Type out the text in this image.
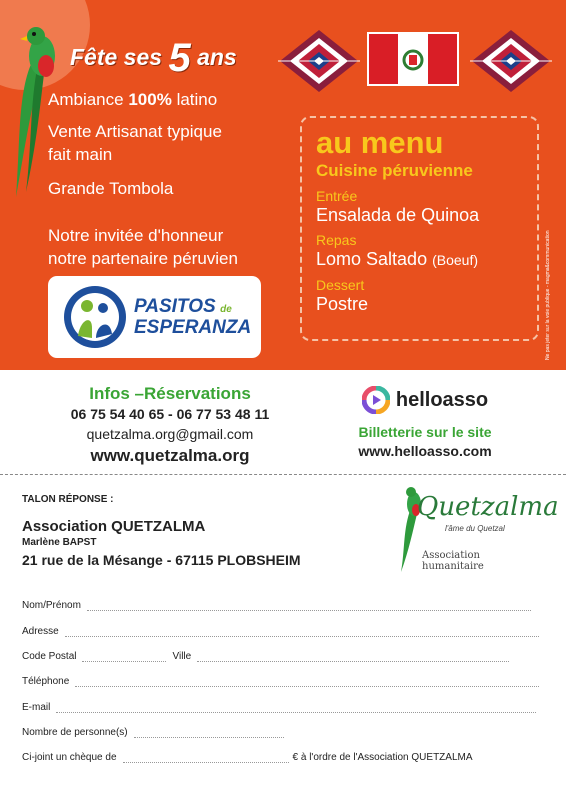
Fête ses 5 ans
Ambiance 100% latino
Vente Artisanat typique
fait main
Grande Tombola
Notre invitée d'honneur
notre partenaire péruvien
PASITOS de
ESPERANZA
au menu
Cuisine péruvienne
Entrée
Ensalada de Quinoa
Repas
Lomo Saltado (Boeuf)
Dessert
Postre	Ne pas jeter sur la voie publique - magma&communication
Infos –Réservations
06 75 54 40 65 - 06 77 53 48 11
quetzalma.org@gmail.com
www.quetzalma.org
helloasso
Billetterie sur le site
www.helloasso.com
TALON RÉPONSE :
Association QUETZALMA
Marlène BAPST
21 rue de la Mésange - 67115 PLOBSHEIM
Quetzalma
l'âme du Quetzal
Association humanitaire
Nom/Prénom
Adresse
Code Postal	Ville
Téléphone
E-mail
Nombre de personne(s)
Ci-joint un chèque de	€ à l'ordre de l'Association QUETZALMA
